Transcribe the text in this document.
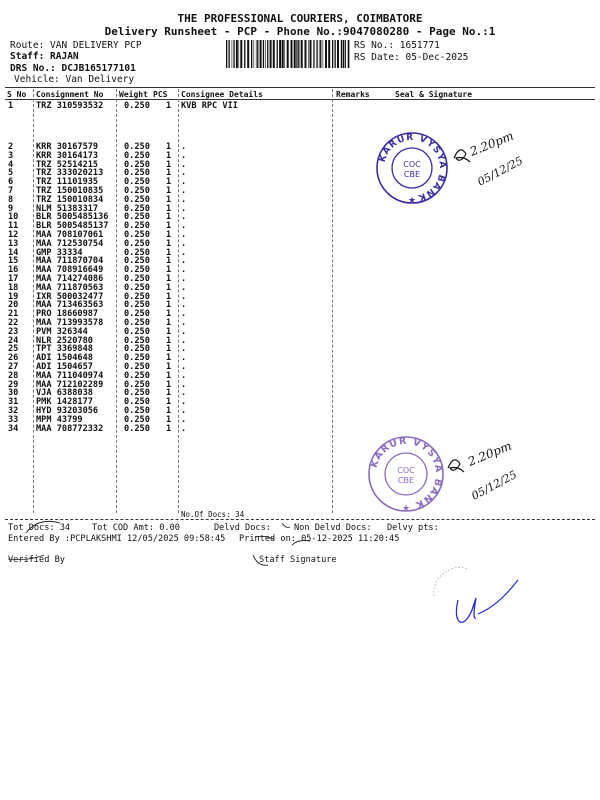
THE PROFESSIONAL COURIERS, COIMBATORE
Delivery Runsheet - PCP - Phone No.:9047080280 - Page No.:1
Route: VAN DELIVERY PCP
Staff: RAJAN
DRS No.: DCJB165177101
Vehicle: Van Delivery
RS No.: 1651771
RS Date: 05-Dec-2025
S No Consignment No Weight PCS Consignee Details	Remarks	Seal & Signature
1	TRZ 310593532 0.250 1 KVB RPC VII
2	KRR 30167579	0.250 1 .
3	KRR 30164173	0.250 1 .
4	TRZ 52514215	0.250 1 .
5	TRZ 333020213 0.250 1 .
6	TRZ 11101935	0.250 1 .
7	TRZ 150010835 0.250 1 .
8	TRZ 150010834 0.250 1 .
9	NLM 51383317	0.250 1 .
10 BLR 5005485136 0.250 1 .
11 BLR 5005485137 0.250 1 .
12 MAA 708107061 0.250 1 .
13 MAA 712530754 0.250 1 .
14 GMP 33334	0.250 1 .
15 MAA 711870704 0.250 1 .
16 MAA 708916649 0.250 1 .
17 MAA 714274086 0.250 1 .
18 MAA 711870563 0.250 1 .
19 IXR 500032477 0.250 1 .
20 MAA 713463563 0.250 1 .
21 PRO 18660987	0.250 1 .
22 MAA 713993578 0.250 1 .
23 PVM 326344	0.250 1 .
24 NLR 2520780	0.250 1 .
25 TPT 3369848	0.250 1 .
26 ADI 1504648	0.250 1 .
27 ADI 1504657	0.250 1 .
28 MAA 711040974 0.250 1 .
29 MAA 712102289 0.250 1 .
30 VJA 6388038	0.250 1 .
31 PMK 1428177	0.250 1 .
32 HYD 93203056	0.250 1 .
33 MPM 43799	0.250 1 .
34 MAA 708772332 0.250 1 .
No.Of Docs: 34
Tot Docs: 34	Tot COD Amt: 0.00	Delvd Docs:	Non Delvd Docs: Delvy pts:
Entered By :PCPLAKSHMI 12/05/2025 09:58:45 Printed on: 05-12-2025 11:20:45
Verified By	Staff Signature
KARUR VYSYA BANK
COC
CBE
★
KARUR VYSYA BANK
COC
CBE
★
2.20pm
05/12/25
2.20pm
05/12/25
